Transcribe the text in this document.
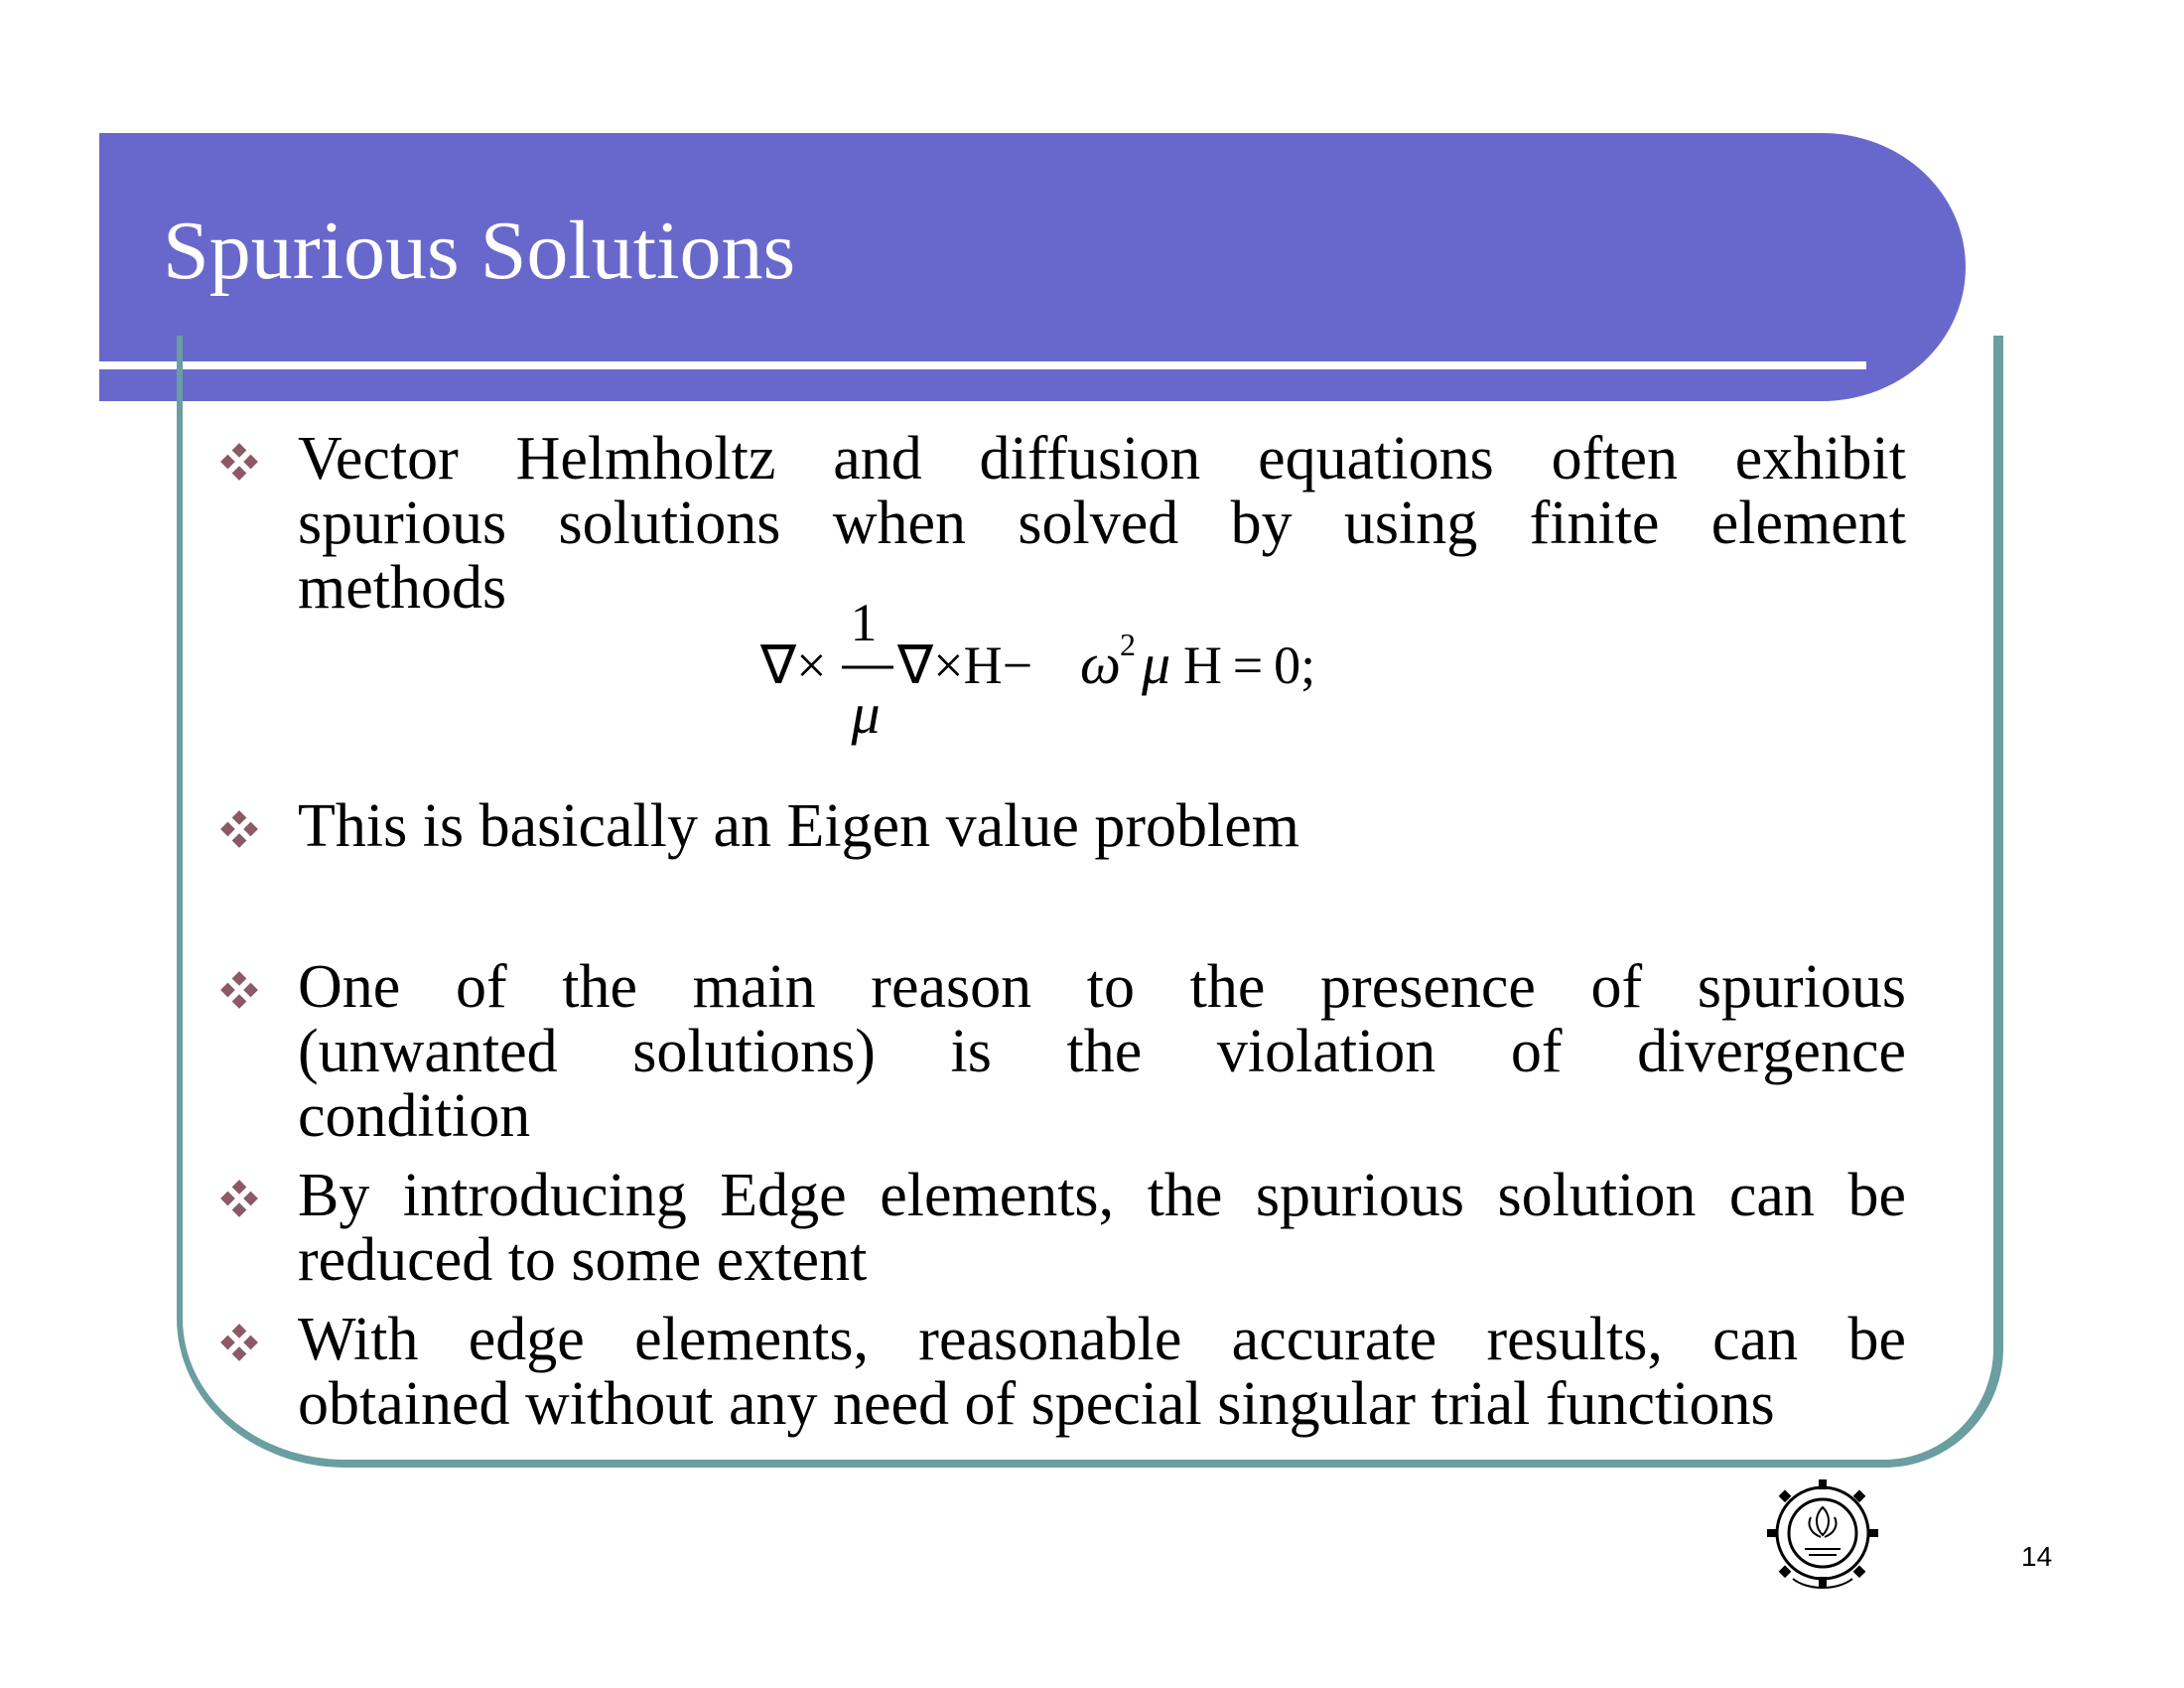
Spurious Solutions
Vector Helmholtz and diffusion equations often exhibit
spurious solutions when solved by using finite element
methods
∇×
1
μ
∇×H− ω 2 μ H = 0;
This is basically an Eigen value problem
One of the main reason to the presence of spurious
(unwanted solutions) is the violation of divergence
condition
By introducing Edge elements, the spurious solution can be
reduced to some extent
With edge elements, reasonable accurate results, can be
obtained without any need of special singular trial functions
14
